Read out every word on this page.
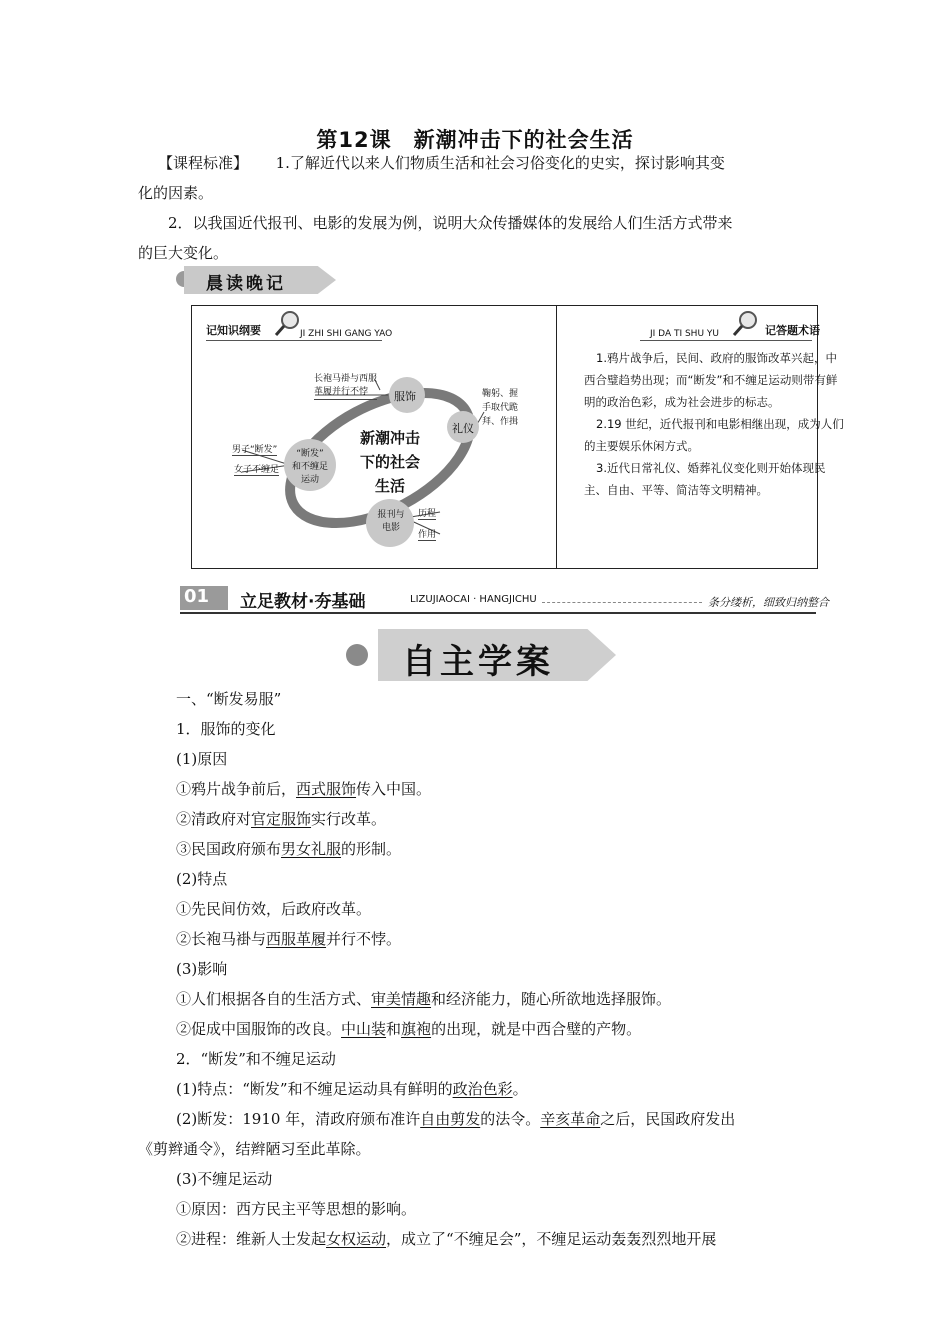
第12课　新潮冲击下的社会生活
【课程标准】 1.了解近代以来人们物质生活和社会习俗变化的史实，探讨影响其变
化的因素。
2．以我国近代报刊、电影的发展为例，说明大众传播媒体的发展给人们生活方式带来
的巨大变化。
晨读晚记
记知识纲要	JI ZHI SHI GANG YAO
新潮冲击
下的社会
生活
服饰
礼仪
“断发”
和不缠足
运动
报刊与
电影
长袍马褂与西服
革履并行不悖	鞠躬、握
手取代跪
拜、作揖
男子“断发”
女子不缠足
历程
作用
JI DA TI SHU YU	记答题术语
1.鸦片战争后，民间、政府的服饰改革兴起，中
西合璧趋势出现；而“断发”和不缠足运动则带有鲜
明的政治色彩，成为社会进步的标志。
2.19 世纪，近代报刊和电影相继出现，成为人们
的主要娱乐休闲方式。
3.近代日常礼仪、婚葬礼仪变化则开始体现民
主、自由、平等、简洁等文明精神。
01 立足教材·夯基础	LIZUJIAOCAI · HANGJICHU	条分缕析，细致归纳整合
自主学案
一、“断发易服”
1．服饰的变化
(1)原因
①鸦片战争前后，西式服饰传入中国。
②清政府对官定服饰实行改革。
③民国政府颁布男女礼服的形制。
(2)特点
①先民间仿效，后政府改革。
②长袍马褂与西服革履并行不悖。
(3)影响
①人们根据各自的生活方式、审美情趣和经济能力，随心所欲地选择服饰。
②促成中国服饰的改良。中山装和旗袍的出现，就是中西合璧的产物。
2．“断发”和不缠足运动
(1)特点：“断发”和不缠足运动具有鲜明的政治色彩。
(2)断发：1910 年，清政府颁布准许自由剪发的法令。辛亥革命之后，民国政府发出
《剪辫通令》，结辫陋习至此革除。
(3)不缠足运动
①原因：西方民主平等思想的影响。
②进程：维新人士发起女权运动，成立了“不缠足会”，不缠足运动轰轰烈烈地开展
